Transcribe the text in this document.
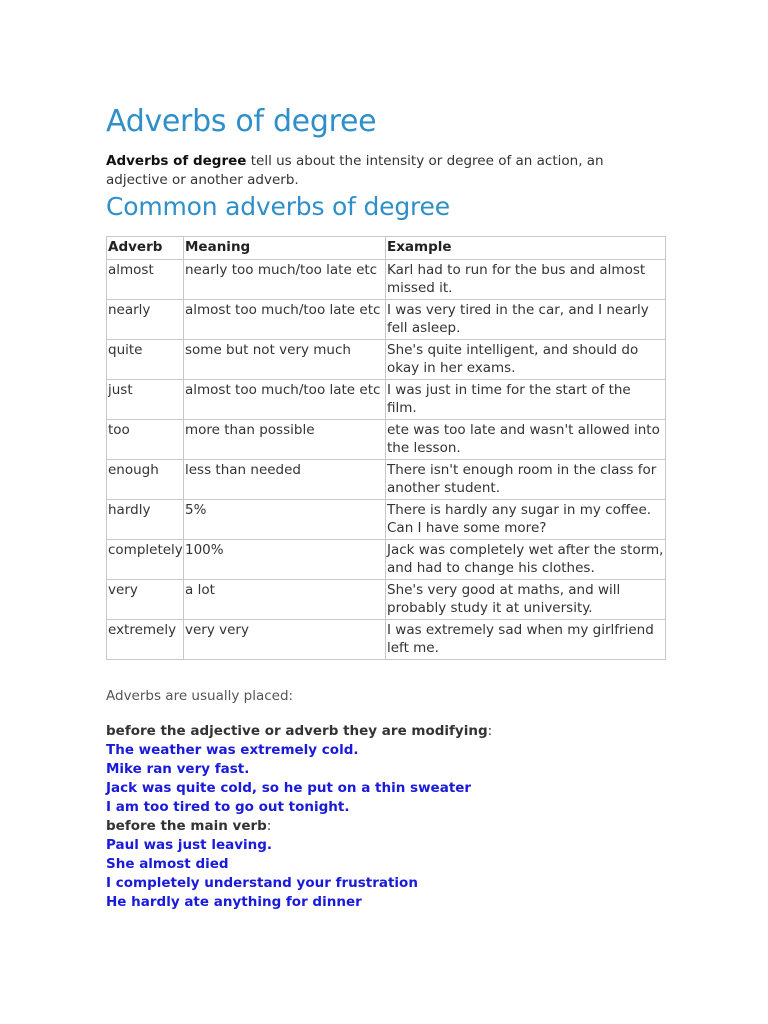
Adverbs of degree

Adverbs of degree tell us about the intensity or degree of an action, an adjective or another adverb.

Common adverbs of degree
Adverb	Meaning	Example
almost	nearly too much/too late etc	Karl had to run for the bus and almost missed it.
nearly	almost too much/too late etc	I was very tired in the car, and I nearly fell asleep.
quite	some but not very much	She's quite intelligent, and should do okay in her exams.
just	almost too much/too late etc	I was just in time for the start of the film.
too	more than possible	ete was too late and wasn't allowed into the lesson.
enough	less than needed	There isn't enough room in the class for another student.
hardly	5%	There is hardly any sugar in my coffee. Can I have some more?
completely	100%	Jack was completely wet after the storm, and had to change his clothes.
very	a lot	She's very good at maths, and will probably study it at university.
extremely	very very	I was extremely sad when my girlfriend left me.
Adverbs are usually placed:
before the adjective or adverb they are modifying:
The weather was extremely cold.
Mike ran very fast.
Jack was quite cold, so he put on a thin sweater
I am too tired to go out tonight.
before the main verb:
Paul was just leaving.
She almost died
I completely understand your frustration
He hardly ate anything for dinner
